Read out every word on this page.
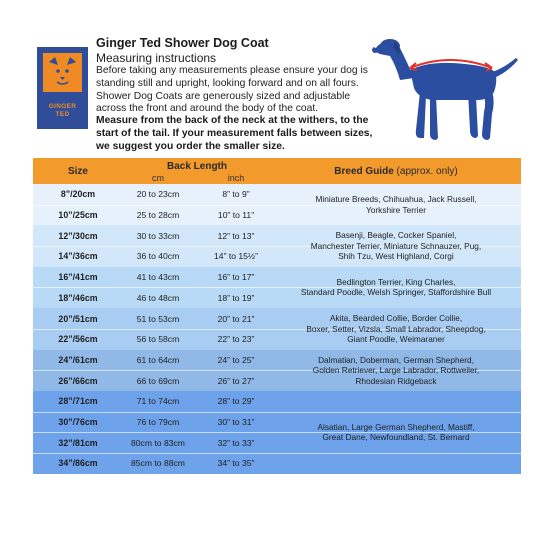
GINGER
TED
Ginger Ted Shower Dog Coat
Measuring instructions
Before taking any measurements please ensure your dog is standing still and upright, looking forward and on all fours. Shower Dog Coats are generously sized and adjustable across the front and around the body of the coat.
Measure from the back of the neck at the withers, to the start of the tail. If your measurement falls between sizes, we suggest you order the smaller size.
Size	Back Length
cm	inch
Breed Guide (approx. only)
8”/20cm	20 to 23cm	8” to 9”
10”/25cm	25 to 28cm	10” to 11”
Miniature Breeds, Chihuahua, Jack Russell,
Yorkshire Terrier
12”/30cm	30 to 33cm	12” to 13”
14”/36cm	36 to 40cm	14” to 15½”
Basenji, Beagle, Cocker Spaniel,
Manchester Terrier, Miniature Schnauzer, Pug,
Shih Tzu, West Highland, Corgi
16”/41cm	41 to 43cm	16” to 17”
18”/46cm	46 to 48cm	18” to 19”
Bedlington Terrier, King Charles,
Standard Poodle, Welsh Springer, Staffordshire Bull
20”/51cm	51 to 53cm	20” to 21”
22”/56cm	56 to 58cm	22” to 23”
Akita, Bearded Collie, Border Collie,
Boxer, Setter, Vizsla, Small Labrador, Sheepdog,
Giant Poodle, Weimaraner
24”/61cm	61 to 64cm	24” to 25”
26”/66cm	66 to 69cm	26” to 27”
Dalmatian, Doberman, German Shepherd,
Golden Retriever, Large Labrador, Rottweiler,
Rhodesian Ridgeback
28”/71cm	71 to 74cm	28” to 29”
30”/76cm	76 to 79cm	30” to 31”
32”/81cm	80cm to 83cm	32” to 33”
34”/86cm	85cm to 88cm	34” to 35”
Alsatian, Large German Shepherd, Mastiff,
Great Dane, Newfoundland, St. Bernard
